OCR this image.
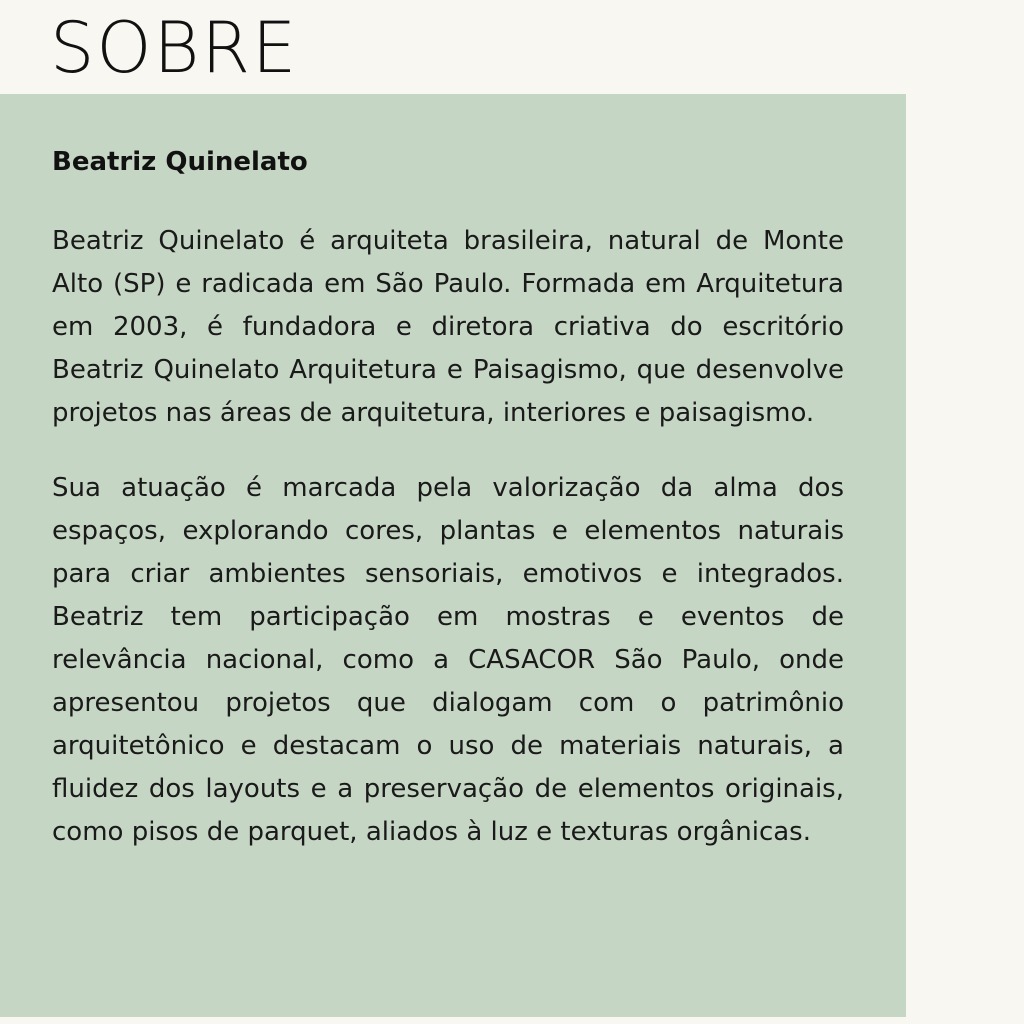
SOBRE
Beatriz Quinelato

Beatriz Quinelato é arquiteta brasileira, natural de Monte Alto (SP) e radicada em São Paulo. Formada em Arquitetura em 2003, é fundadora e diretora criativa do escritório Beatriz Quinelato Arquitetura e Paisagismo, que desenvolve projetos nas áreas de arquitetura, interiores e paisagismo.

Sua atuação é marcada pela valorização da alma dos espaços, explorando cores, plantas e elementos naturais para criar ambientes sensoriais, emotivos e integrados. Beatriz tem participação em mostras e eventos de relevância nacional, como a CASACOR São Paulo, onde apresentou projetos que dialogam com o patrimônio arquitetônico e destacam o uso de materiais naturais, a fluidez dos layouts e a preservação de elementos originais, como pisos de parquet, aliados à luz e texturas orgânicas.
